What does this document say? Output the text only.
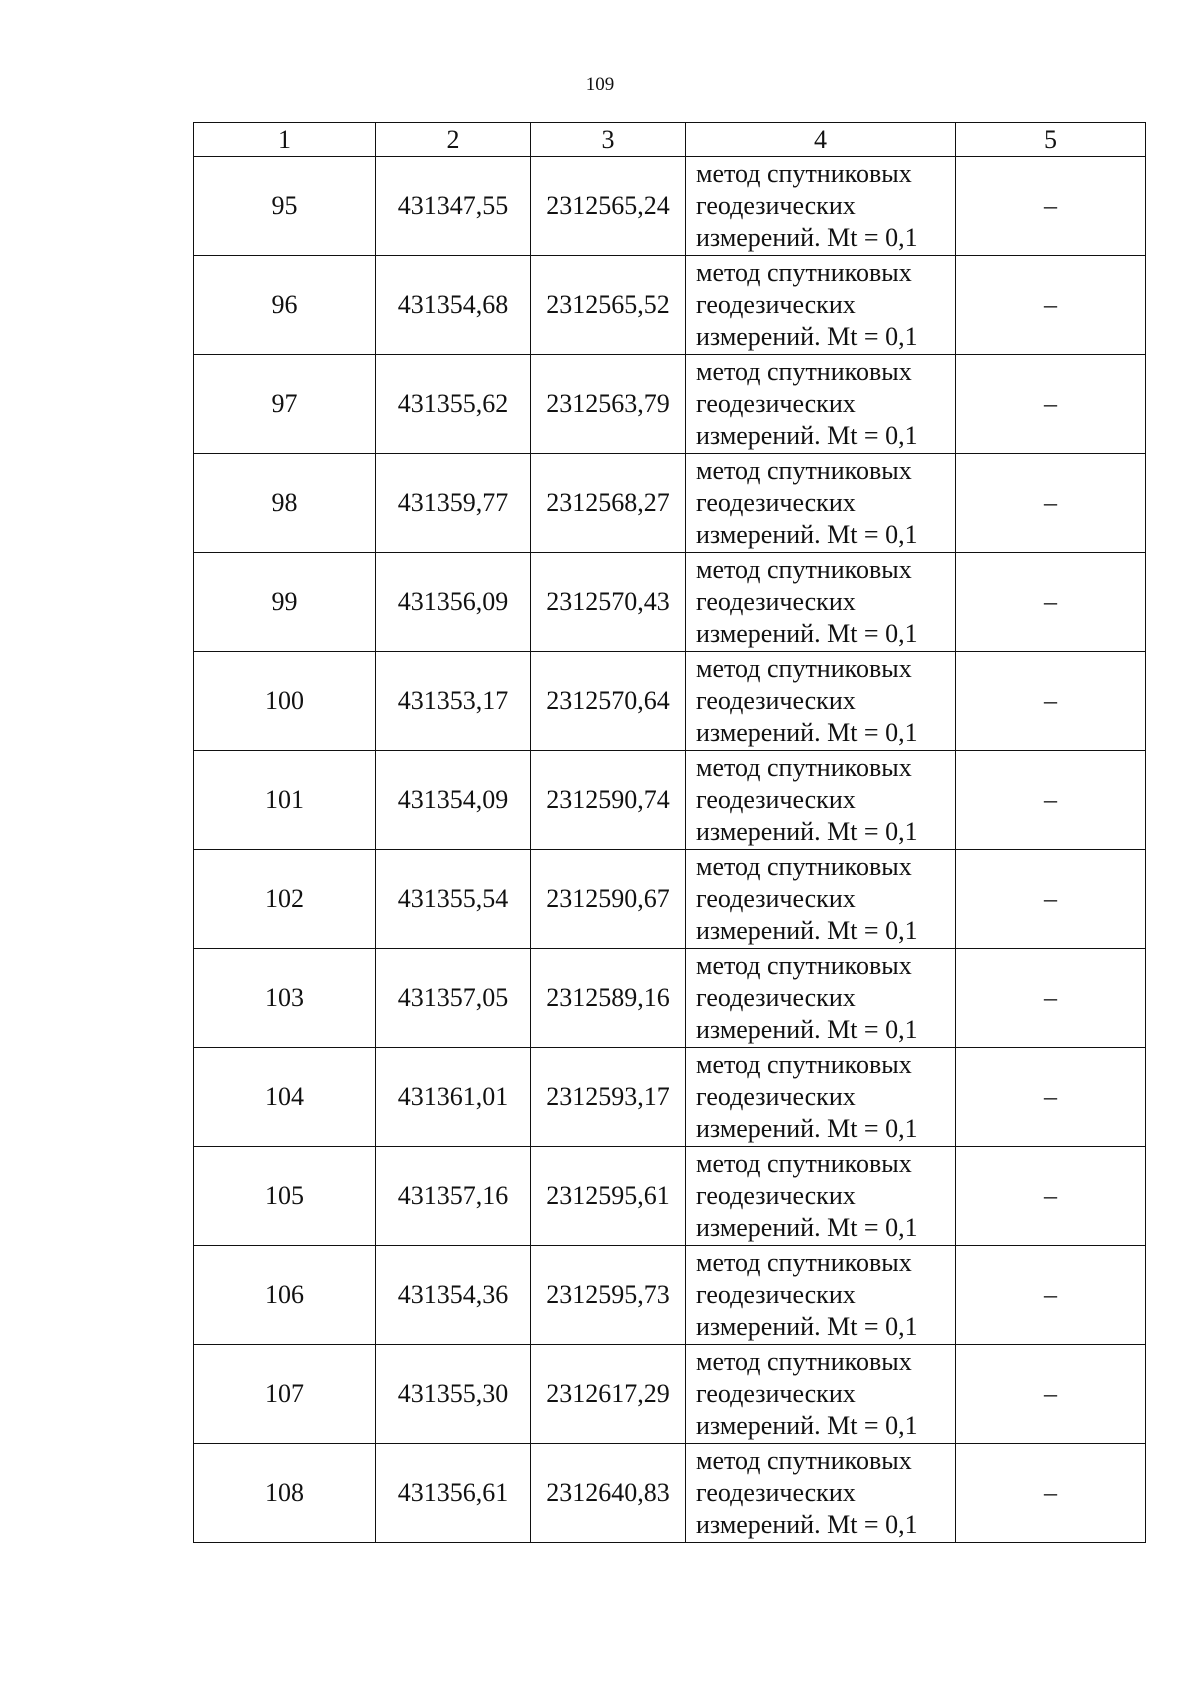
109
1	2	3	4	5
95	431347,55	2312565,24	метод спутниковых
геодезических
измерений. Mt = 0,1	–
96	431354,68	2312565,52	метод спутниковых
геодезических
измерений. Mt = 0,1	–
97	431355,62	2312563,79	метод спутниковых
геодезических
измерений. Mt = 0,1	–
98	431359,77	2312568,27	метод спутниковых
геодезических
измерений. Mt = 0,1	–
99	431356,09	2312570,43	метод спутниковых
геодезических
измерений. Mt = 0,1	–
100	431353,17	2312570,64	метод спутниковых
геодезических
измерений. Mt = 0,1	–
101	431354,09	2312590,74	метод спутниковых
геодезических
измерений. Mt = 0,1	–
102	431355,54	2312590,67	метод спутниковых
геодезических
измерений. Mt = 0,1	–
103	431357,05	2312589,16	метод спутниковых
геодезических
измерений. Mt = 0,1	–
104	431361,01	2312593,17	метод спутниковых
геодезических
измерений. Mt = 0,1	–
105	431357,16	2312595,61	метод спутниковых
геодезических
измерений. Mt = 0,1	–
106	431354,36	2312595,73	метод спутниковых
геодезических
измерений. Mt = 0,1	–
107	431355,30	2312617,29	метод спутниковых
геодезических
измерений. Mt = 0,1	–
108	431356,61	2312640,83	метод спутниковых
геодезических
измерений. Mt = 0,1	–
